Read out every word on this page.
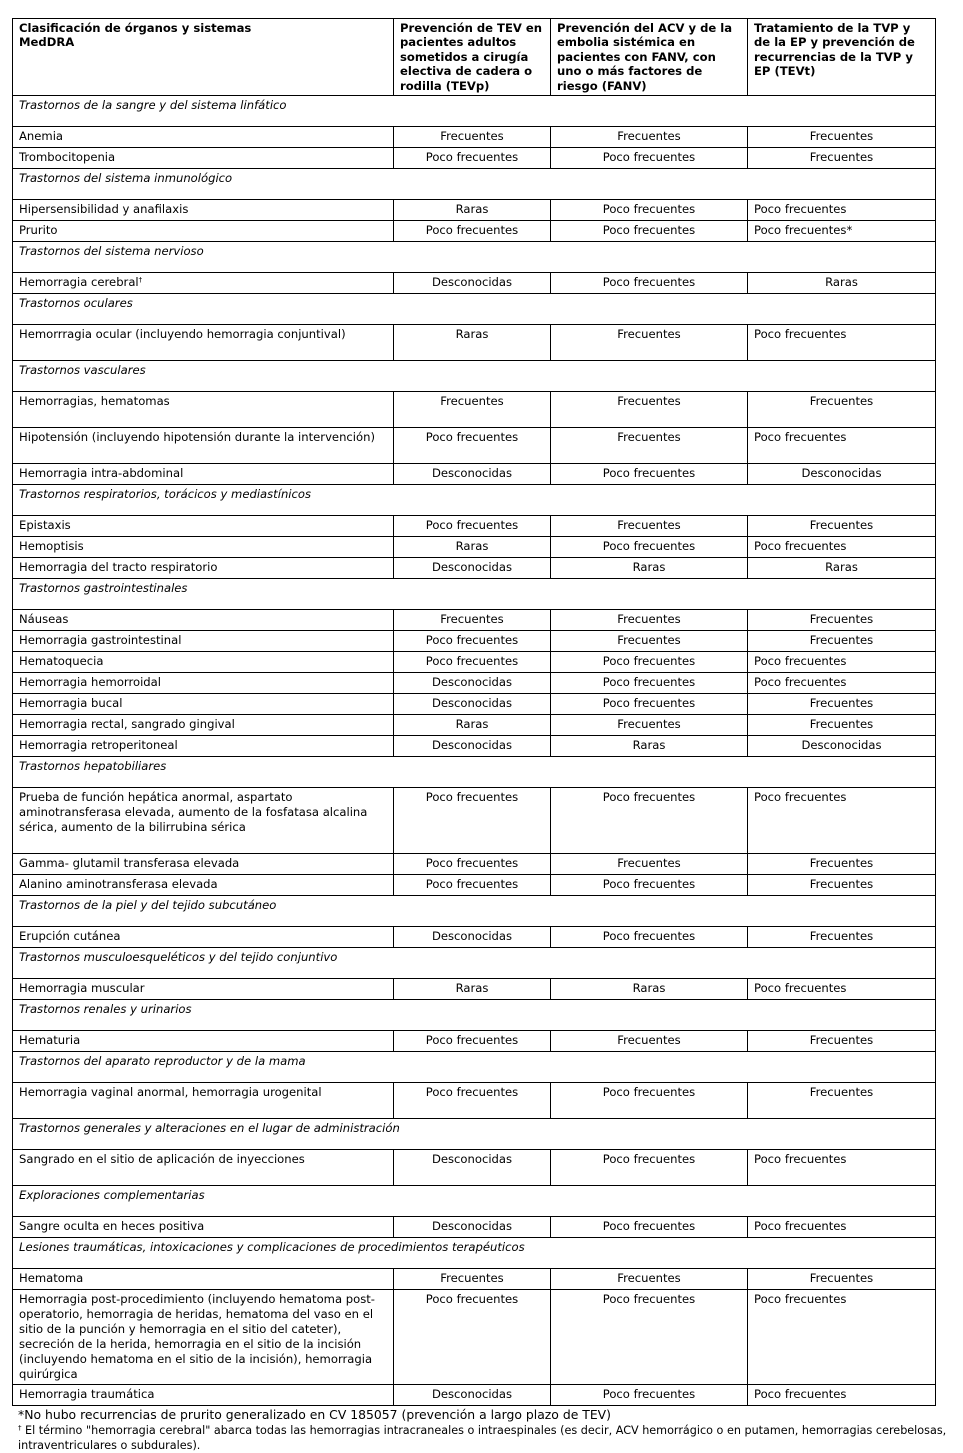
Clasificación de órganos y sistemas
MedDRA	Prevención de TEV en pacientes adultos sometidos a cirugía electiva de cadera o rodilla (TEVp)	Prevención del ACV y de la embolia sistémica en pacientes con FANV, con uno o más factores de riesgo (FANV)	Tratamiento de la TVP y de la EP y prevención de recurrencias de la TVP y EP (TEVt)
Trastornos de la sangre y del sistema linfático			
Anemia	Frecuentes	Frecuentes	Frecuentes
Trombocitopenia	Poco frecuentes	Poco frecuentes	Frecuentes
Trastornos del sistema inmunológico			
Hipersensibilidad y anafilaxis	Raras	Poco frecuentes	Poco frecuentes
Prurito	Poco frecuentes	Poco frecuentes	Poco frecuentes*
Trastornos del sistema nervioso			
Hemorragia cerebral†	Desconocidas	Poco frecuentes	Raras
Trastornos oculares			
Hemorrragia ocular (incluyendo hemorragia conjuntival)	Raras	Frecuentes	Poco frecuentes
Trastornos vasculares			
Hemorragias, hematomas	Frecuentes	Frecuentes	Frecuentes
Hipotensión (incluyendo hipotensión durante la intervención)	Poco frecuentes	Frecuentes	Poco frecuentes
Hemorragia intra-abdominal	Desconocidas	Poco frecuentes	Desconocidas
Trastornos respiratorios, torácicos y mediastínicos			
Epistaxis	Poco frecuentes	Frecuentes	Frecuentes
Hemoptisis	Raras	Poco frecuentes	Poco frecuentes
Hemorragia del tracto respiratorio	Desconocidas	Raras	Raras
Trastornos gastrointestinales			
Náuseas	Frecuentes	Frecuentes	Frecuentes
Hemorragia gastrointestinal	Poco frecuentes	Frecuentes	Frecuentes
Hematoquecia	Poco frecuentes	Poco frecuentes	Poco frecuentes
Hemorragia hemorroidal	Desconocidas	Poco frecuentes	Poco frecuentes
Hemorragia bucal	Desconocidas	Poco frecuentes	Frecuentes
Hemorragia rectal, sangrado gingival	Raras	Frecuentes	Frecuentes
Hemorragia retroperitoneal	Desconocidas	Raras	Desconocidas
Trastornos hepatobiliares			
Prueba de función hepática anormal, aspartato aminotransferasa elevada, aumento de la fosfatasa alcalina sérica, aumento de la bilirrubina sérica	Poco frecuentes	Poco frecuentes	Poco frecuentes
Gamma- glutamil transferasa elevada	Poco frecuentes	Frecuentes	Frecuentes
Alanino aminotransferasa elevada	Poco frecuentes	Poco frecuentes	Frecuentes
Trastornos de la piel y del tejido subcutáneo			
Erupción cutánea	Desconocidas	Poco frecuentes	Frecuentes
Trastornos musculoesqueléticos y del tejido conjuntivo			
Hemorragia muscular	Raras	Raras	Poco frecuentes
Trastornos renales y urinarios			
Hematuria	Poco frecuentes	Frecuentes	Frecuentes
Trastornos del aparato reproductor y de la mama			
Hemorragia vaginal anormal, hemorragia urogenital	Poco frecuentes	Poco frecuentes	Frecuentes
Trastornos generales y alteraciones en el lugar de administración			
Sangrado en el sitio de aplicación de inyecciones	Desconocidas	Poco frecuentes	Poco frecuentes
Exploraciones complementarias			
Sangre oculta en heces positiva	Desconocidas	Poco frecuentes	Poco frecuentes
Lesiones traumáticas, intoxicaciones y complicaciones de procedimientos terapéuticos			
Hematoma	Frecuentes	Frecuentes	Frecuentes
Hemorragia post-procedimiento (incluyendo hematoma post-operatorio, hemorragia de heridas, hematoma del vaso en el sitio de la punción y hemorragia en el sitio del cateter), secreción de la herida, hemorragia en el sitio de la incisión (incluyendo hematoma en el sitio de la incisión), hemorragia quirúrgica	Poco frecuentes	Poco frecuentes	Poco frecuentes
Hemorragia traumática	Desconocidas	Poco frecuentes	Poco frecuentes
*No hubo recurrencias de prurito generalizado en CV 185057 (prevención a largo plazo de TEV)
† El término "hemorragia cerebral" abarca todas las hemorragias intracraneales o intraespinales (es decir, ACV hemorrágico o en putamen, hemorragias cerebelosas, intraventriculares o subdurales).
